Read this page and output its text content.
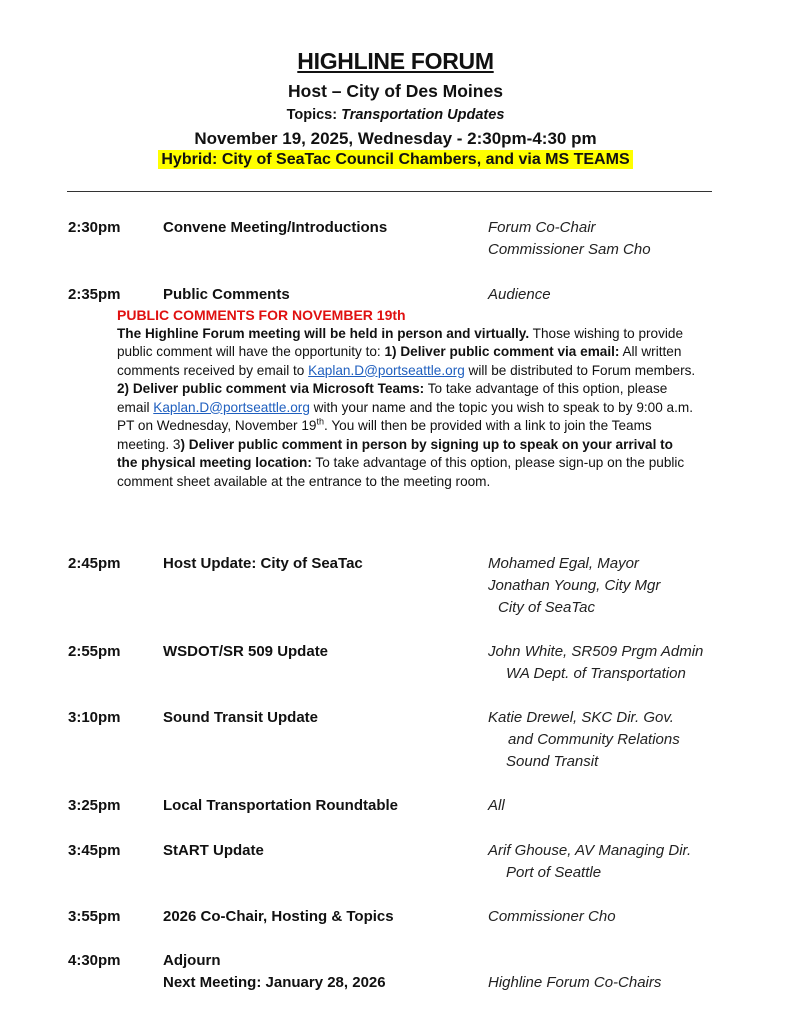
HIGHLINE FORUM
Host – City of Des Moines
Topics: Transportation Updates
November 19, 2025, Wednesday - 2:30pm-4:30 pm
Hybrid: City of SeaTac Council Chambers, and via MS TEAMS
2:30pm	Convene Meeting/Introductions	Forum Co-Chair
Commissioner Sam Cho
2:35pm	Public Comments	Audience
PUBLIC COMMENTS FOR NOVEMBER 19th
The Highline Forum meeting will be held in person and virtually. Those wishing to provide public comment will have the opportunity to: 1) Deliver public comment via email: All written comments received by email to Kaplan.D@portseattle.org will be distributed to Forum members. 2) Deliver public comment via Microsoft Teams: To take advantage of this option, please email Kaplan.D@portseattle.org with your name and the topic you wish to speak to by 9:00 a.m. PT on Wednesday, November 19th. You will then be provided with a link to join the Teams meeting. 3) Deliver public comment in person by signing up to speak on your arrival to the physical meeting location: To take advantage of this option, please sign-up on the public comment sheet available at the entrance to the meeting room.
2:45pm	Host Update: City of SeaTac	Mohamed Egal, Mayor
Jonathan Young, City Mgr
City of SeaTac
2:55pm	WSDOT/SR 509 Update	John White, SR509 Prgm Admin
WA Dept. of Transportation
3:10pm	Sound Transit Update	Katie Drewel, SKC Dir. Gov.
and Community Relations
Sound Transit
3:25pm	Local Transportation Roundtable	All
3:45pm	StART Update	Arif Ghouse, AV Managing Dir.
Port of Seattle
3:55pm	2026 Co-Chair, Hosting & Topics	Commissioner Cho
4:30pm	Adjourn
Next Meeting: January 28, 2026	Highline Forum Co-Chairs
